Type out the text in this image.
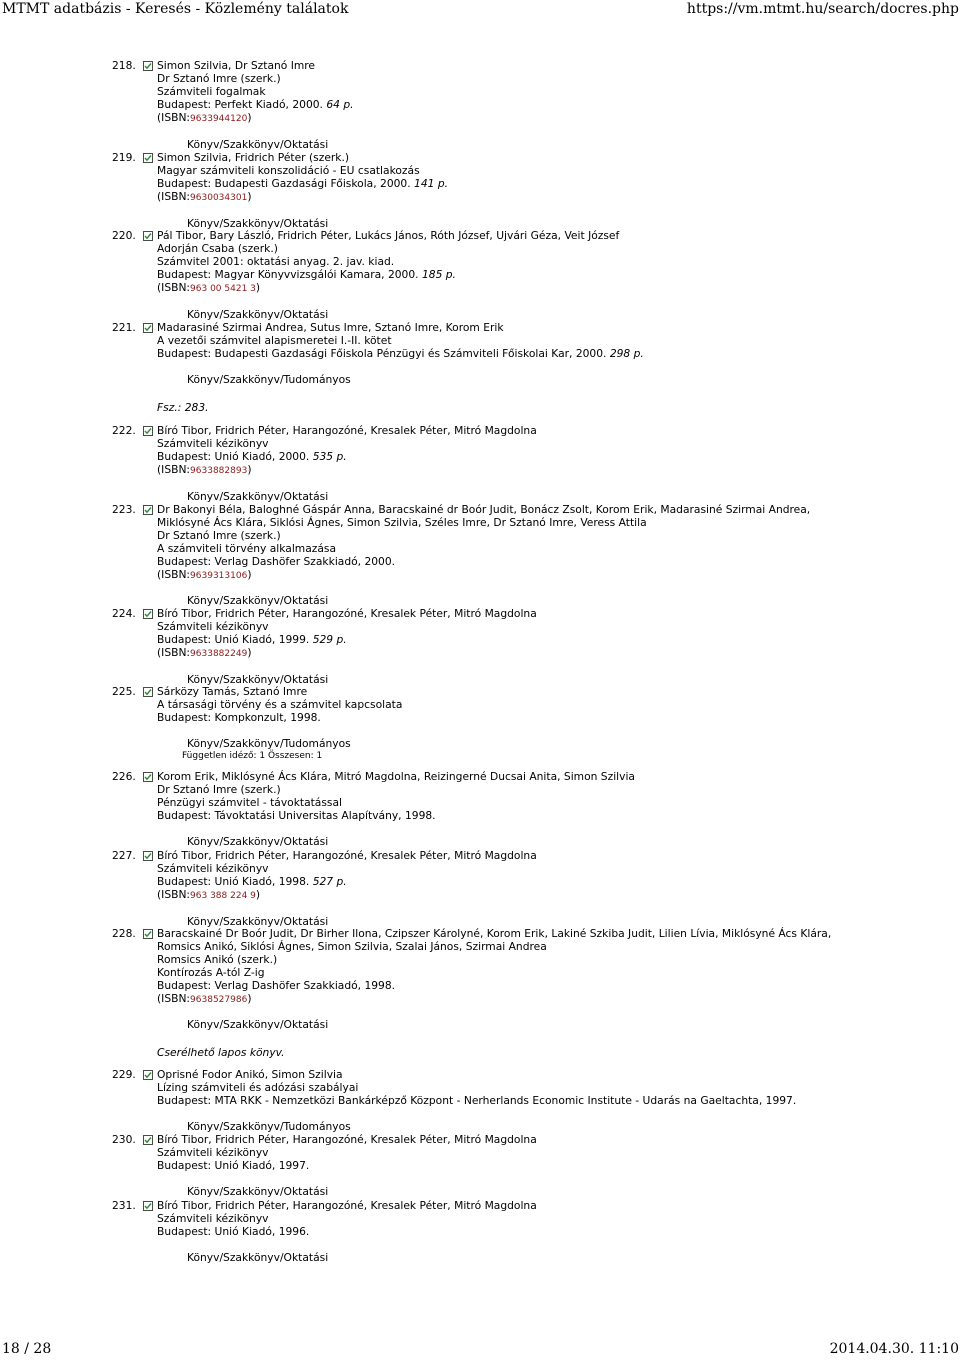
MTMT adatbázis - Keresés - Közlemény találatok	https://vm.mtmt.hu/search/docres.php
218. Simon Szilvia, Dr Sztanó Imre
Dr Sztanó Imre (szerk.)
Számviteli fogalmak
Budapest: Perfekt Kiadó, 2000. 64 p.
(ISBN:9633944120)
Könyv/Szakkönyv/Oktatási
219. Simon Szilvia, Fridrich Péter (szerk.)
Magyar számviteli konszolidáció - EU csatlakozás
Budapest: Budapesti Gazdasági Főiskola, 2000. 141 p.
(ISBN:9630034301)
Könyv/Szakkönyv/Oktatási
220. Pál Tibor, Bary László, Fridrich Péter, Lukács János, Róth József, Ujvári Géza, Veit József
Adorján Csaba (szerk.)
Számvitel 2001: oktatási anyag. 2. jav. kiad.
Budapest: Magyar Könyvvizsgálói Kamara, 2000. 185 p.
(ISBN:963 00 5421 3)
Könyv/Szakkönyv/Oktatási
221. Madarasiné Szirmai Andrea, Sutus Imre, Sztanó Imre, Korom Erik
A vezetői számvitel alapismeretei I.-II. kötet
Budapest: Budapesti Gazdasági Főiskola Pénzügyi és Számviteli Főiskolai Kar, 2000. 298 p.
Könyv/Szakkönyv/Tudományos
Fsz.: 283.
222. Bíró Tibor, Fridrich Péter, Harangozóné, Kresalek Péter, Mitró Magdolna
Számviteli kézikönyv
Budapest: Unió Kiadó, 2000. 535 p.
(ISBN:9633882893)
Könyv/Szakkönyv/Oktatási
223. Dr Bakonyi Béla, Baloghné Gáspár Anna, Baracskainé dr Boór Judit, Bonácz Zsolt, Korom Erik, Madarasiné Szirmai Andrea,
Miklósyné Ács Klára, Siklósi Ágnes, Simon Szilvia, Széles Imre, Dr Sztanó Imre, Veress Attila
Dr Sztanó Imre (szerk.)
A számviteli törvény alkalmazása
Budapest: Verlag Dashöfer Szakkiadó, 2000.
(ISBN:9639313106)
Könyv/Szakkönyv/Oktatási
224. Bíró Tibor, Fridrich Péter, Harangozóné, Kresalek Péter, Mitró Magdolna
Számviteli kézikönyv
Budapest: Unió Kiadó, 1999. 529 p.
(ISBN:9633882249)
Könyv/Szakkönyv/Oktatási
225. Sárközy Tamás, Sztanó Imre
A társasági törvény és a számvitel kapcsolata
Budapest: Kompkonzult, 1998.
Könyv/Szakkönyv/Tudományos
Független idéző: 1 Összesen: 1
226. Korom Erik, Miklósyné Ács Klára, Mitró Magdolna, Reizingerné Ducsai Anita, Simon Szilvia
Dr Sztanó Imre (szerk.)
Pénzügyi számvitel - távoktatással
Budapest: Távoktatási Universitas Alapítvány, 1998.
Könyv/Szakkönyv/Oktatási
227. Bíró Tibor, Fridrich Péter, Harangozóné, Kresalek Péter, Mitró Magdolna
Számviteli kézikönyv
Budapest: Unió Kiadó, 1998. 527 p.
(ISBN:963 388 224 9)
Könyv/Szakkönyv/Oktatási
228. Baracskainé Dr Boór Judit, Dr Birher Ilona, Czipszer Károlyné, Korom Erik, Lakiné Szkiba Judit, Lilien Lívia, Miklósyné Ács Klára,
Romsics Anikó, Siklósi Ágnes, Simon Szilvia, Szalai János, Szirmai Andrea
Romsics Anikó (szerk.)
Kontírozás A-tól Z-ig
Budapest: Verlag Dashöfer Szakkiadó, 1998.
(ISBN:9638527986)
Könyv/Szakkönyv/Oktatási
Cserélhető lapos könyv.
229. Oprisné Fodor Anikó, Simon Szilvia
Lízing számviteli és adózási szabályai
Budapest: MTA RKK - Nemzetközi Bankárképző Központ - Nerherlands Economic Institute - Udarás na Gaeltachta, 1997.
Könyv/Szakkönyv/Tudományos
230. Bíró Tibor, Fridrich Péter, Harangozóné, Kresalek Péter, Mitró Magdolna
Számviteli kézikönyv
Budapest: Unió Kiadó, 1997.
Könyv/Szakkönyv/Oktatási
231. Bíró Tibor, Fridrich Péter, Harangozóné, Kresalek Péter, Mitró Magdolna
Számviteli kézikönyv
Budapest: Unió Kiadó, 1996.
Könyv/Szakkönyv/Oktatási
18 / 28	2014.04.30. 11:10
